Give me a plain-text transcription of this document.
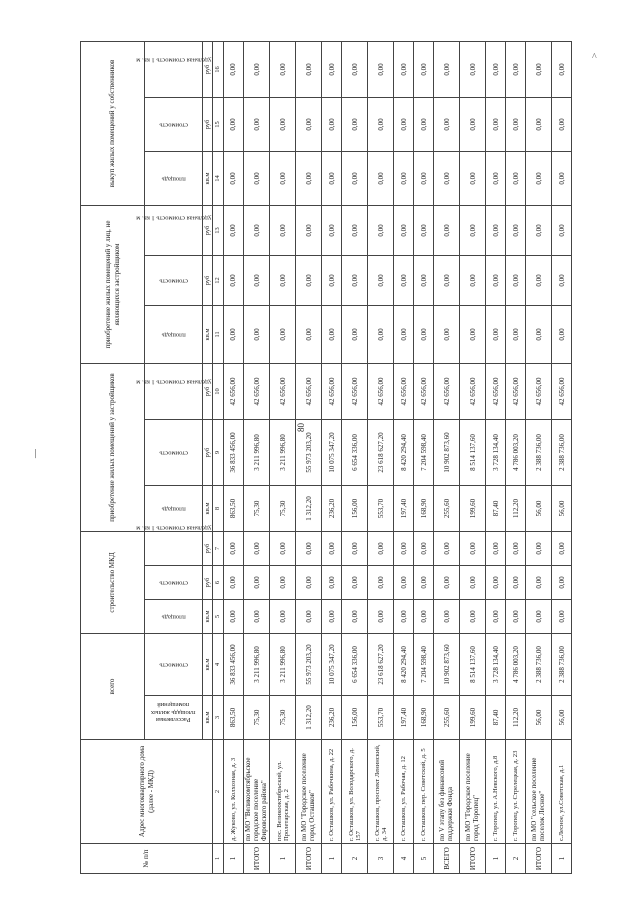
80
—
^
№ п/п	Адрес многоквартирного дома (далее - МКД)	всего		строительство МКД			приобретение жилых помещений у застройщиков			приобретение жилых помещений у лиц, не являющихся застройщиком			выкуп жилых помещений у собственников		
		Расселяемая площадь жилых помещений	стоимость	площадь	стоимость	удельная стоимость 1 кв. м	площадь	стоимость	удельная стоимость 1 кв. м	площадь	стоимость	удельная стоимость 1 кв. м	площадь	стоимость	удельная стоимость 1 кв. м
		кв.м	кв.м	кв.м	руб	руб	кв.м	руб	руб	кв.м	руб	руб	кв.м	руб	руб
1	2	3	4	5	6	7	8	9	10	11	12	13	14	15	16
1	д. Жуково, ул. Колхозная, д. 3	863,50	36 833 456,00	0,00	0,00	0,00	863,50	36 833 456,00	42 656,00	0,00	0,00	0,00	0,00	0,00	0,00
ИТОГО	по МО "Великоомтябрьское городское поселение Фировского района"	75,30	3 211 996,80	0,00	0,00	0,00	75,30	3 211 996,80	42 656,00	0,00	0,00	0,00	0,00	0,00	0,00
1	пос. Великооктябрьский, ул. Пролетарская, д. 2	75,30	3 211 996,80	0,00	0,00	0,00	75,30	3 211 996,80	42 656,00	0,00	0,00	0,00	0,00	0,00	0,00
ИТОГО	по МО "Городское поселение город Осташков"	1 312,20	55 973 203,20	0,00	0,00	0,00	1 312,20	55 973 203,20	42 656,00	0,00	0,00	0,00	0,00	0,00	0,00
1	г. Осташков, ул. Рабочкина, д. 22	236,20	10 075 347,20	0,00	0,00	0,00	236,20	10 075 347,20	42 656,00	0,00	0,00	0,00	0,00	0,00	0,00
2	г. Осташков, ул. Володарского, д. 157	156,00	6 654 336,00	0,00	0,00	0,00	156,00	6 654 336,00	42 656,00	0,00	0,00	0,00	0,00	0,00	0,00
3	г. Осташков, проспект Ленинский, д. 34	553,70	23 618 627,20	0,00	0,00	0,00	553,70	23 618 627,20	42 656,00	0,00	0,00	0,00	0,00	0,00	0,00
4	г. Осташков, ул. Рабочая, д. 12	197,40	8 420 294,40	0,00	0,00	0,00	197,40	8 420 294,40	42 656,00	0,00	0,00	0,00	0,00	0,00	0,00
5	г. Осташков, пер. Советский, д. 5	168,90	7 204 598,40	0,00	0,00	0,00	168,90	7 204 598,40	42 656,00	0,00	0,00	0,00	0,00	0,00	0,00
ВСЕГО	по V этапу без финансовой поддержки Фонда	255,60	10 902 873,60	0,00	0,00	0,00	255,60	10 902 873,60	42 656,00	0,00	0,00	0,00	0,00	0,00	0,00
ИТОГО	по МО "Городское поселение город Торопец"	199,60	8 514 137,60	0,00	0,00	0,00	199,60	8 514 137,60	42 656,00	0,00	0,00	0,00	0,00	0,00	0,00
1	г. Торопец, ул. А.Невского, д.8	87,40	3 728 134,40	0,00	0,00	0,00	87,40	3 728 134,40	42 656,00	0,00	0,00	0,00	0,00	0,00	0,00
2	г. Торопец, ул. Стрелецкая, д. 23	112,20	4 786 003,20	0,00	0,00	0,00	112,20	4 786 003,20	42 656,00	0,00	0,00	0,00	0,00	0,00	0,00
ИТОГО	по МО "сельское поселение поселок Лесное"	56,00	2 388 736,00	0,00	0,00	0,00	56,00	2 388 736,00	42 656,00	0,00	0,00	0,00	0,00	0,00	0,00
1	с.Лесное, ул.Советская, д.1	56,00	2 388 736,00	0,00	0,00	0,00	56,00	2 388 736,00	42 656,00	0,00	0,00	0,00	0,00	0,00	0,00
